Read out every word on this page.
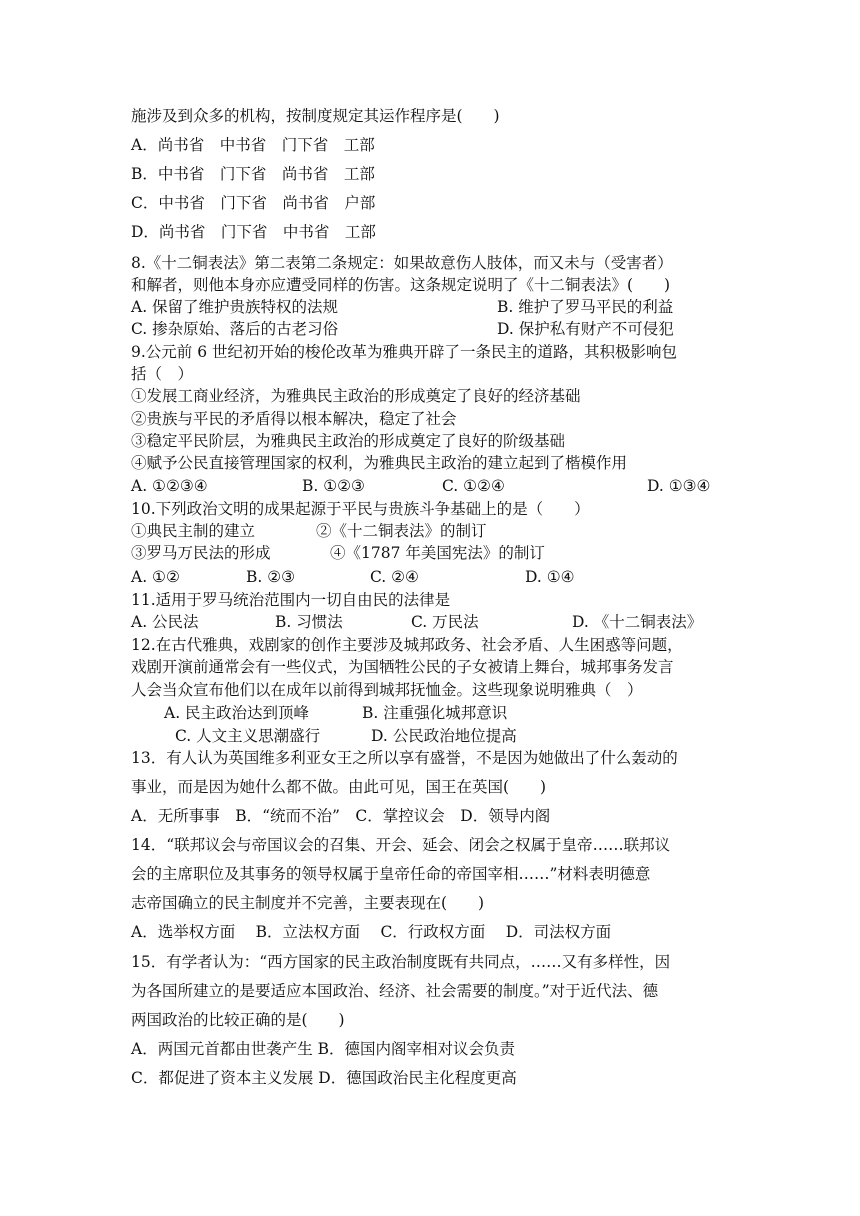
施涉及到众多的机构，按制度规定其运作程序是(　　)
A．尚书省　中书省　门下省　工部
B．中书省　门下省　尚书省　工部
C．中书省　门下省　尚书省　户部
D．尚书省　门下省　中书省　工部
8.《十二铜表法》第二表第二条规定：如果故意伤人肢体，而又未与（受害者）
和解者，则他本身亦应遭受同样的伤害。这条规定说明了《十二铜表法》(　　)
A. 保留了维护贵族特权的法规	B. 维护了罗马平民的利益
C. 掺杂原始、落后的古老习俗	D. 保护私有财产不可侵犯
9.公元前 6 世纪初开始的梭伦改革为雅典开辟了一条民主的道路，其积极影响包
括（　）
①发展工商业经济，为雅典民主政治的形成奠定了良好的经济基础
②贵族与平民的矛盾得以根本解决，稳定了社会
③稳定平民阶层，为雅典民主政治的形成奠定了良好的阶级基础
④赋予公民直接管理国家的权利，为雅典民主政治的建立起到了楷模作用
A. ①②③④	B. ①②③	C. ①②④	D. ①③④
10.下列政治文明的成果起源于平民与贵族斗争基础上的是（　　）
①典民主制的建立	②《十二铜表法》的制订
③罗马万民法的形成	④《1787 年美国宪法》的制订
A. ①②	B. ②③	C. ②④	D. ①④
11.适用于罗马统治范围内一切自由民的法律是
A. 公民法	B. 习惯法	C. 万民法	D. 《十二铜表法》
12.在古代雅典，戏剧家的创作主要涉及城邦政务、社会矛盾、人生困惑等问题，
戏剧开演前通常会有一些仪式，为国牺牲公民的子女被请上舞台，城邦事务发言
人会当众宣布他们以在成年以前得到城邦抚恤金。这些现象说明雅典（　）
A. 民主政治达到顶峰	B. 注重强化城邦意识
C. 人文主义思潮盛行	D. 公民政治地位提高
13．有人认为英国维多利亚女王之所以享有盛誉，不是因为她做出了什么轰动的
事业，而是因为她什么都不做。由此可见，国王在英国(　　)
A．无所事事　B．“统而不治”　C．掌控议会　D．领导内阁
14．“联邦议会与帝国议会的召集、开会、延会、闭会之权属于皇帝……联邦议
会的主席职位及其事务的领导权属于皇帝任命的帝国宰相……”材料表明德意
志帝国确立的民主制度并不完善，主要表现在(　　)
A．选举权方面　 B．立法权方面　 C．行政权方面　 D．司法权方面
15．有学者认为：“西方国家的民主政治制度既有共同点，……又有多样性，因
为各国所建立的是要适应本国政治、经济、社会需要的制度。”对于近代法、德
两国政治的比较正确的是(　　)
A．两国元首都由世袭产生 B．德国内阁宰相对议会负责
C．都促进了资本主义发展 D．德国政治民主化程度更高
